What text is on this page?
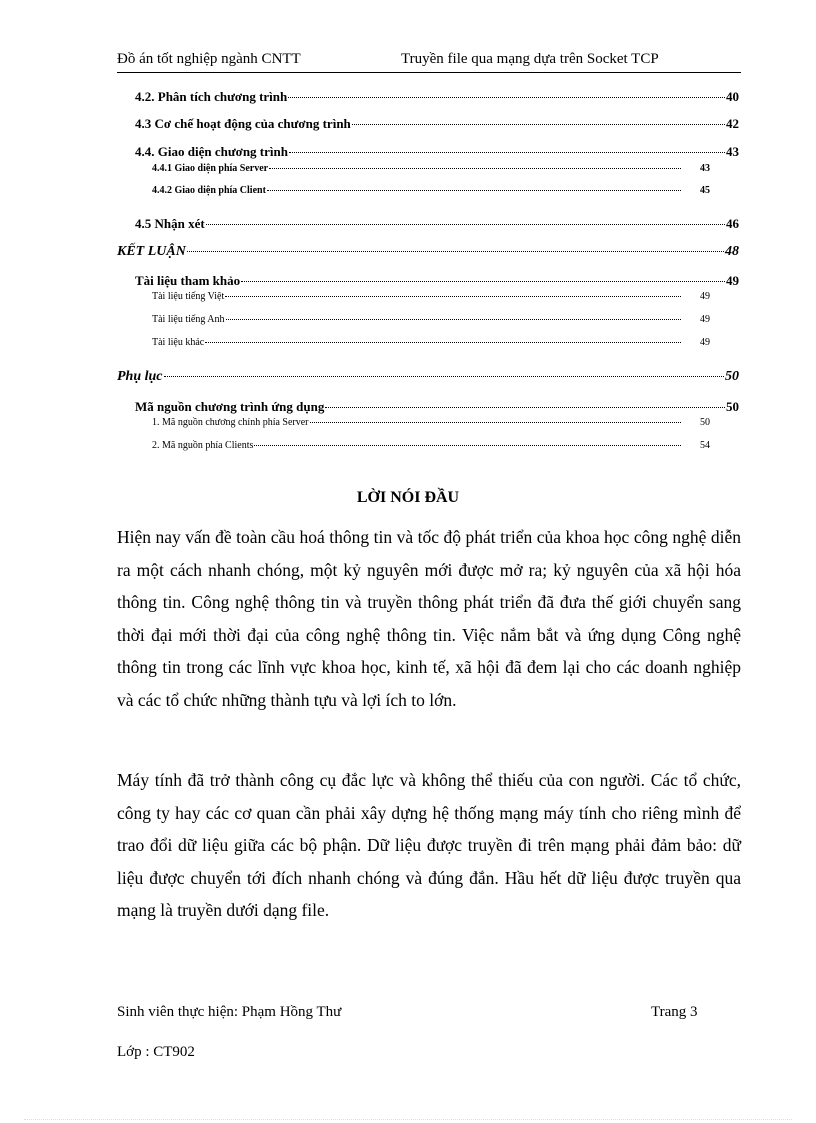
Đồ án tốt nghiệp ngành CNTT	Truyền file qua mạng dựa trên Socket TCP
4.2. Phân tích chương trình	40
4.3 Cơ chế hoạt động của chương trình	42
4.4. Giao diện chương trình	43
4.4.1 Giao diện phía Server	43
4.4.2 Giao diện phía Client	45
4.5 Nhận xét	46
KẾT LUẬN	48
Tài liệu tham khảo	49
Tài liệu tiếng Việt	49
Tài liệu tiếng Anh	49
Tài liệu khác	49
Phụ lục	50
Mã nguồn chương trình ứng dụng	50
1. Mã nguồn chương chính phía Server	50
2. Mã nguồn phía Clients	54
LỜI NÓI ĐẦU

Hiện nay vấn đề toàn cầu hoá thông tin và tốc độ phát triển của khoa học công nghệ diễn ra một cách nhanh chóng, một kỷ nguyên mới được mở ra; kỷ nguyên của xã hội hóa thông tin. Công nghệ thông tin và truyền thông phát triển đã đưa thế giới chuyển sang thời đại mới thời đại của công nghệ thông tin. Việc nắm bắt và ứng dụng Công nghệ thông tin trong các lĩnh vực khoa học, kinh tế, xã hội đã đem lại cho các doanh nghiệp và các tổ chức những thành tựu và lợi ích to lớn.

Máy tính đã trở thành công cụ đắc lực và không thể thiếu của con người. Các tổ chức, công ty hay các cơ quan cần phải xây dựng hệ thống mạng máy tính cho riêng mình để trao đổi dữ liệu giữa các bộ phận. Dữ liệu được truyền đi trên mạng phải đảm bảo: dữ liệu được chuyển tới đích nhanh chóng và đúng đắn. Hầu hết dữ liệu được truyền qua mạng là truyền dưới dạng file.

Sinh viên thực hiện: Phạm Hồng Thư	Trang 3
Lớp : CT902
